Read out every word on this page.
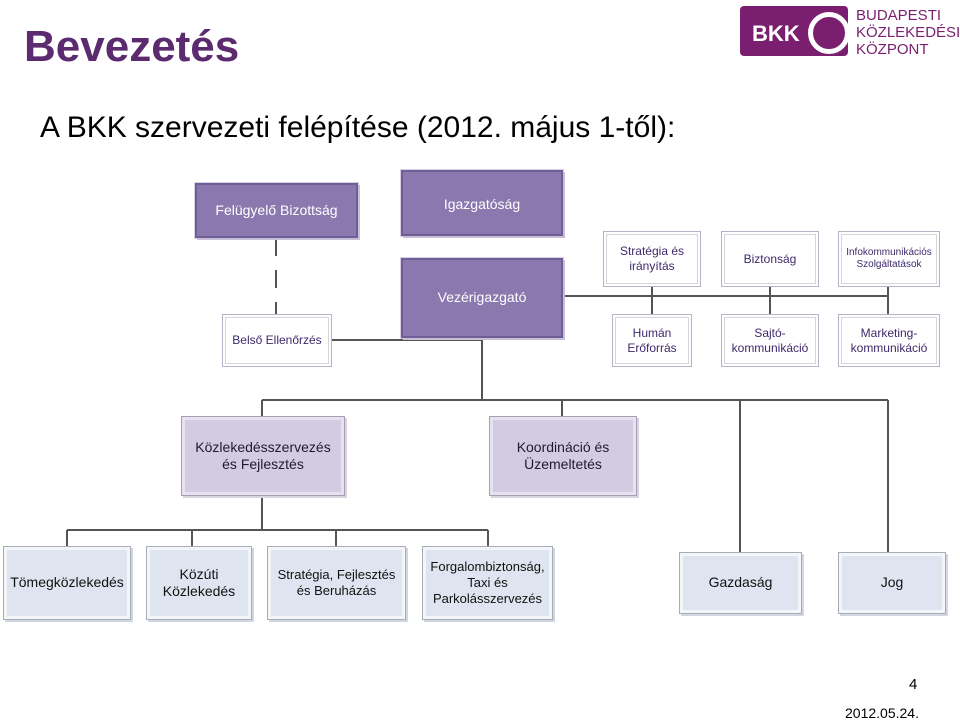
Bevezetés
A BKK szervezeti felépítése (2012. május 1-től):
BKK
BUDAPESTI
KÖZLEKEDÉSI
KÖZPONT
Felügyelő Bizottság	Igazgatóság
Vezérigazgató
Belső Ellenőrzés
Stratégia és irányítás
Biztonság	Infokommunikációs
Szolgáltatások
Humán
Erőforrás
Sajtó-
kommunikáció
Marketing-
kommunikáció
Közlekedésszervezés
és Fejlesztés
Koordináció és
Üzemeltetés
Tömegközlekedés
Közúti
Közlekedés
Stratégia, Fejlesztés
és Beruházás
Forgalombiztonság,
Taxi és
Parkolásszervezés
Gazdaság	Jog
4
2012.05.24.
